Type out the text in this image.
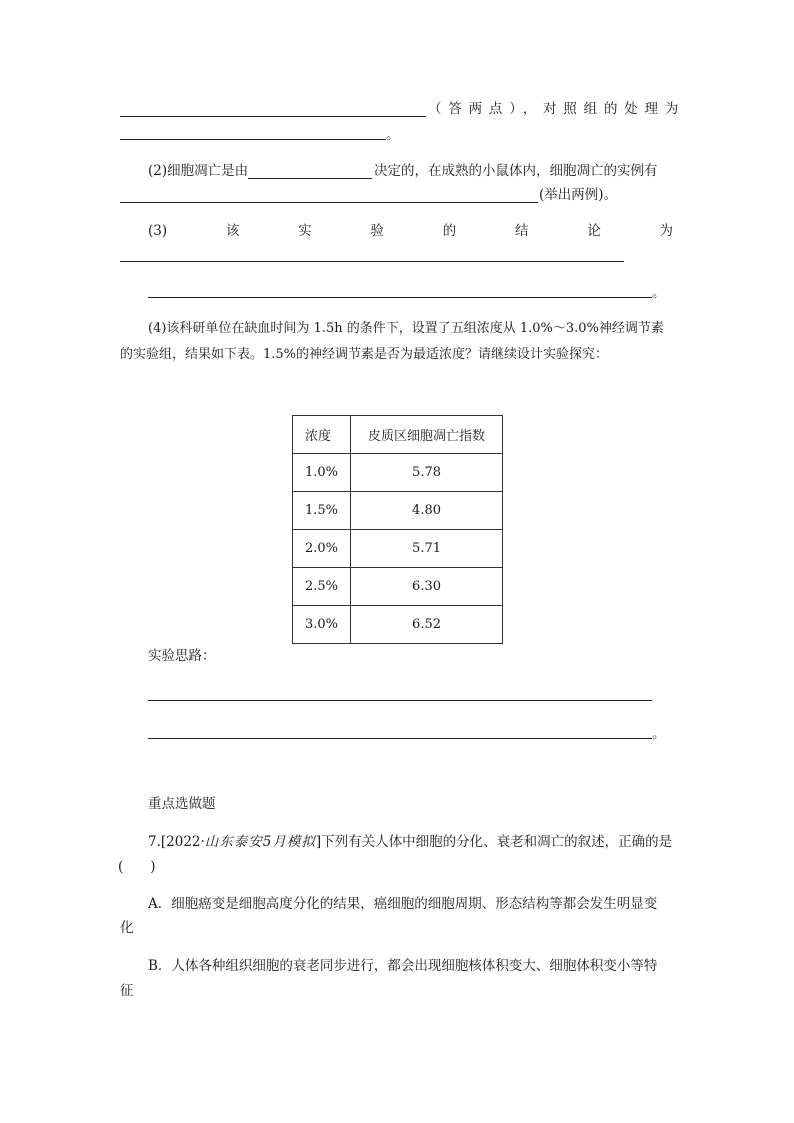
（答两点），对照组的处理为
。
(2)细胞凋亡是由	决定的，在成熟的小鼠体内，细胞凋亡的实例有
(举出两例)。
(3)	该	实	验	的	结	论	为
。
(4)该科研单位在缺血时间为 1.5h 的条件下，设置了五组浓度从 1.0%～3.0%神经调节素
的实验组，结果如下表。1.5%的神经调节素是否为最适浓度？请继续设计实验探究：
浓度	皮质区细胞凋亡指数
1.0%	5.78
1.5%	4.80
2.0%	5.71
2.5%	6.30
3.0%	6.52
实验思路：
。
重点选做题
7.[2022·山东泰安5月模拟]下列有关人体中细胞的分化、衰老和凋亡的叙述，正确的是
(　　)
A．细胞癌变是细胞高度分化的结果，癌细胞的细胞周期、形态结构等都会发生明显变
化
B．人体各种组织细胞的衰老同步进行，都会出现细胞核体积变大、细胞体积变小等特
征
